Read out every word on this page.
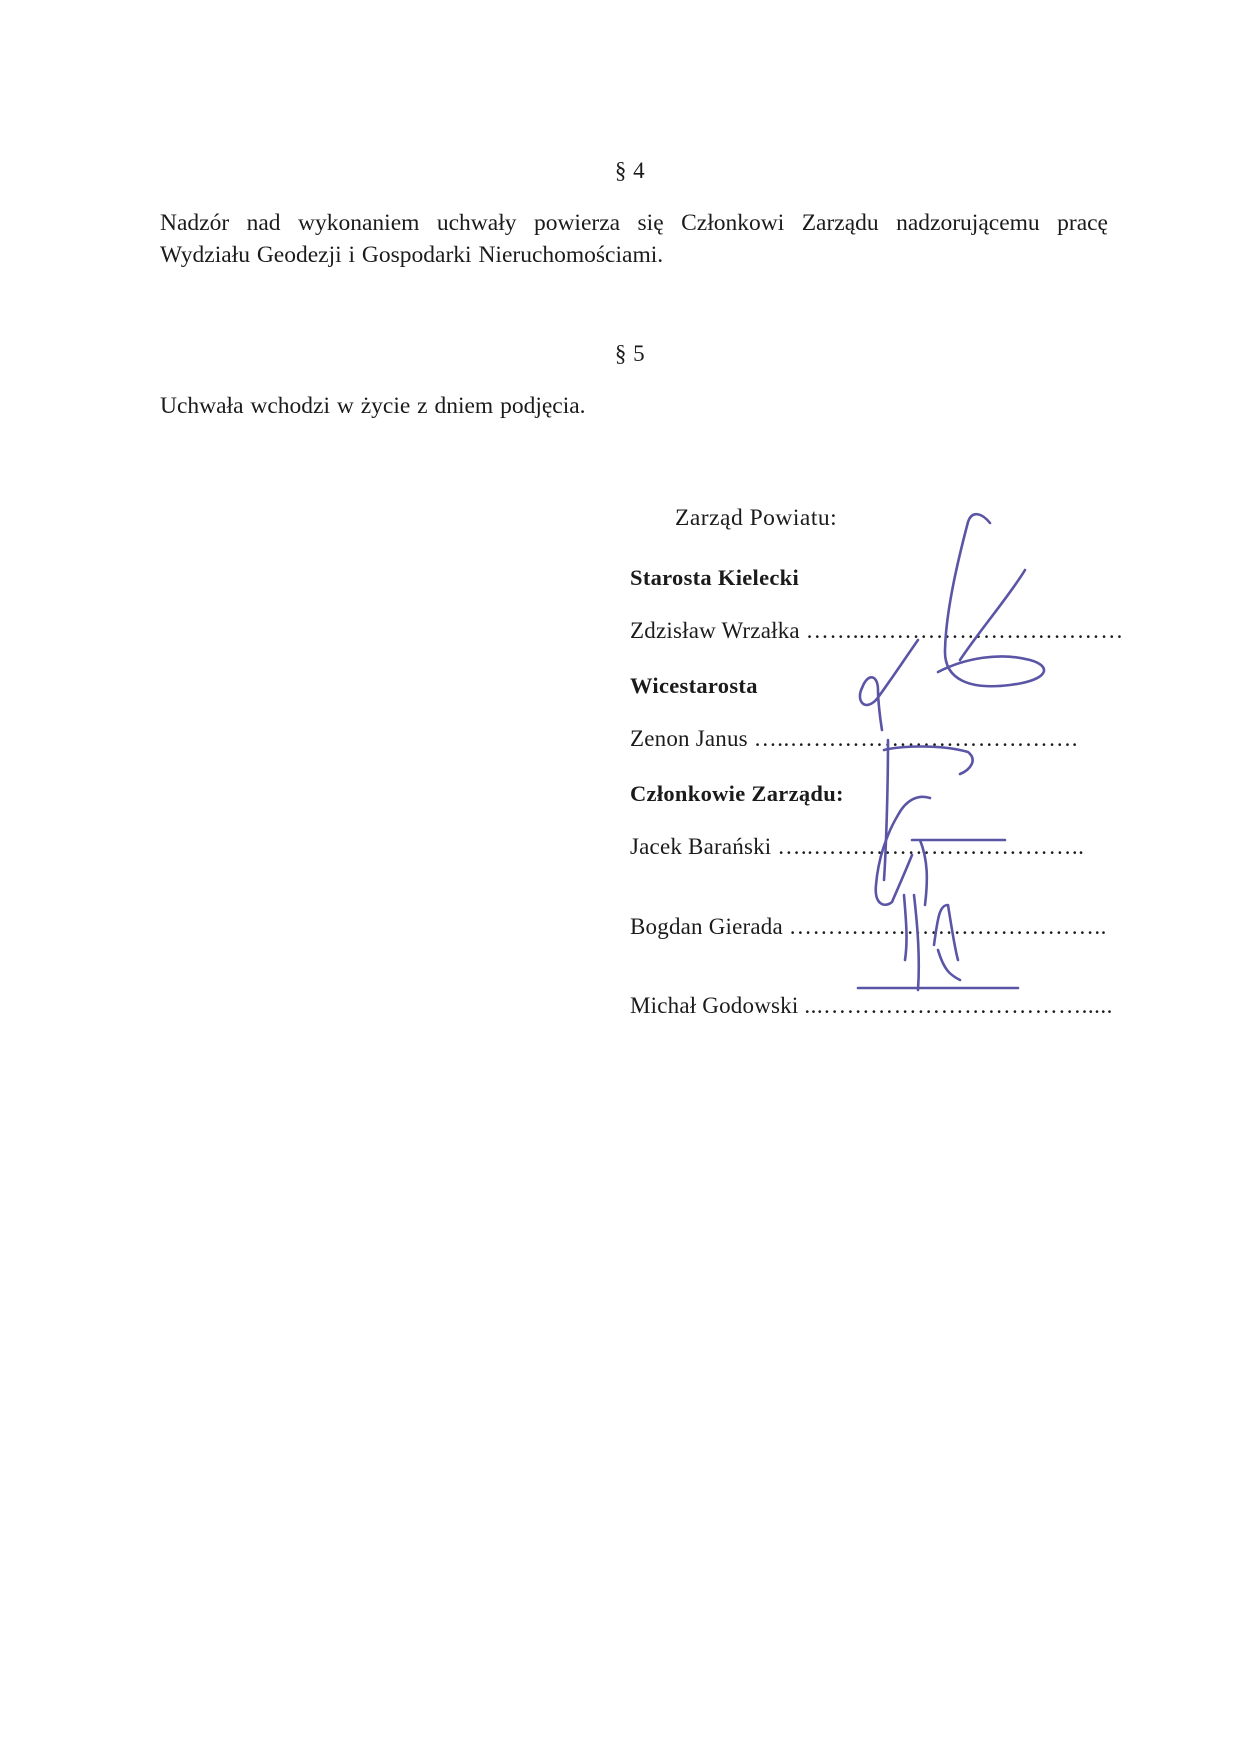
§ 4
Nadzór nad wykonaniem uchwały powierza się Członkowi Zarządu nadzorującemu pracę
Wydziału Geodezji i Gospodarki Nieruchomościami.
§ 5
Uchwała wchodzi w życie z dniem podjęcia.
Zarząd Powiatu:
Starosta Kielecki
Zdzisław Wrzałka ……..……………………………
Wicestarosta
Zenon Janus …..……………………………….
Członkowie Zarządu:
Jacek Barański …..……………………………..
Bogdan Gierada …………………………………..
Michał Godowski ...…………………………….....
